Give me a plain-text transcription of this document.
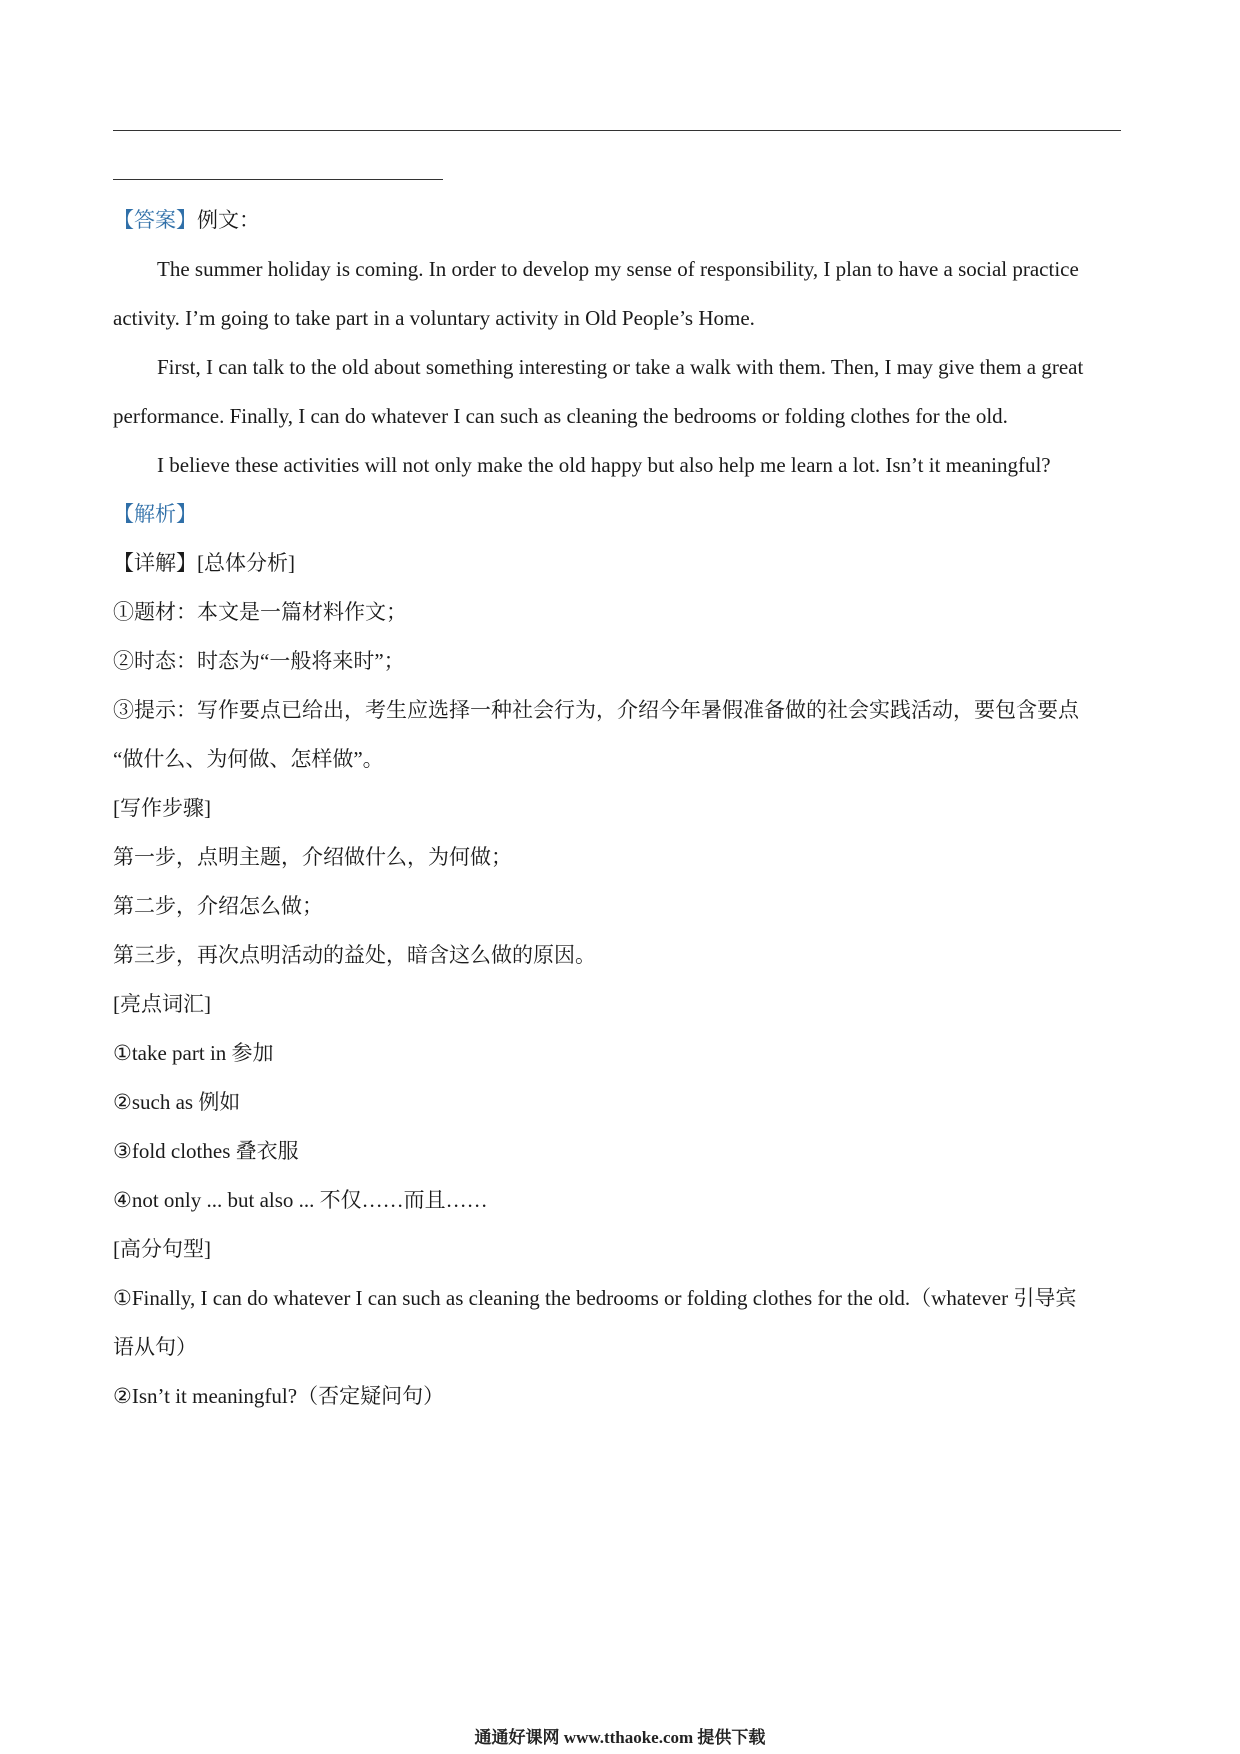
【答案】例文：
The summer holiday is coming. In order to develop my sense of responsibility, I plan to have a social practice
activity. I’m going to take part in a voluntary activity in Old People’s Home.
First, I can talk to the old about something interesting or take a walk with them. Then, I may give them a great
performance. Finally, I can do whatever I can such as cleaning the bedrooms or folding clothes for the old.
I believe these activities will not only make the old happy but also help me learn a lot. Isn’t it meaningful?
【解析】
【详解】[总体分析]
①题材：本文是一篇材料作文；
②时态：时态为“一般将来时”；
③提示：写作要点已给出，考生应选择一种社会行为，介绍今年暑假准备做的社会实践活动，要包含要点
“做什么、为何做、怎样做”。
[写作步骤]
第一步，点明主题，介绍做什么，为何做；
第二步，介绍怎么做；
第三步，再次点明活动的益处，暗含这么做的原因。
[亮点词汇]
①take part in 参加
②such as 例如
③fold clothes 叠衣服
④not only ... but also ... 不仅……而且……
[高分句型]
①Finally, I can do whatever I can such as cleaning the bedrooms or folding clothes for the old.（whatever 引导宾
语从句）
②Isn’t it meaningful?（否定疑问句）
通通好课网 www.tthaoke.com 提供下载
